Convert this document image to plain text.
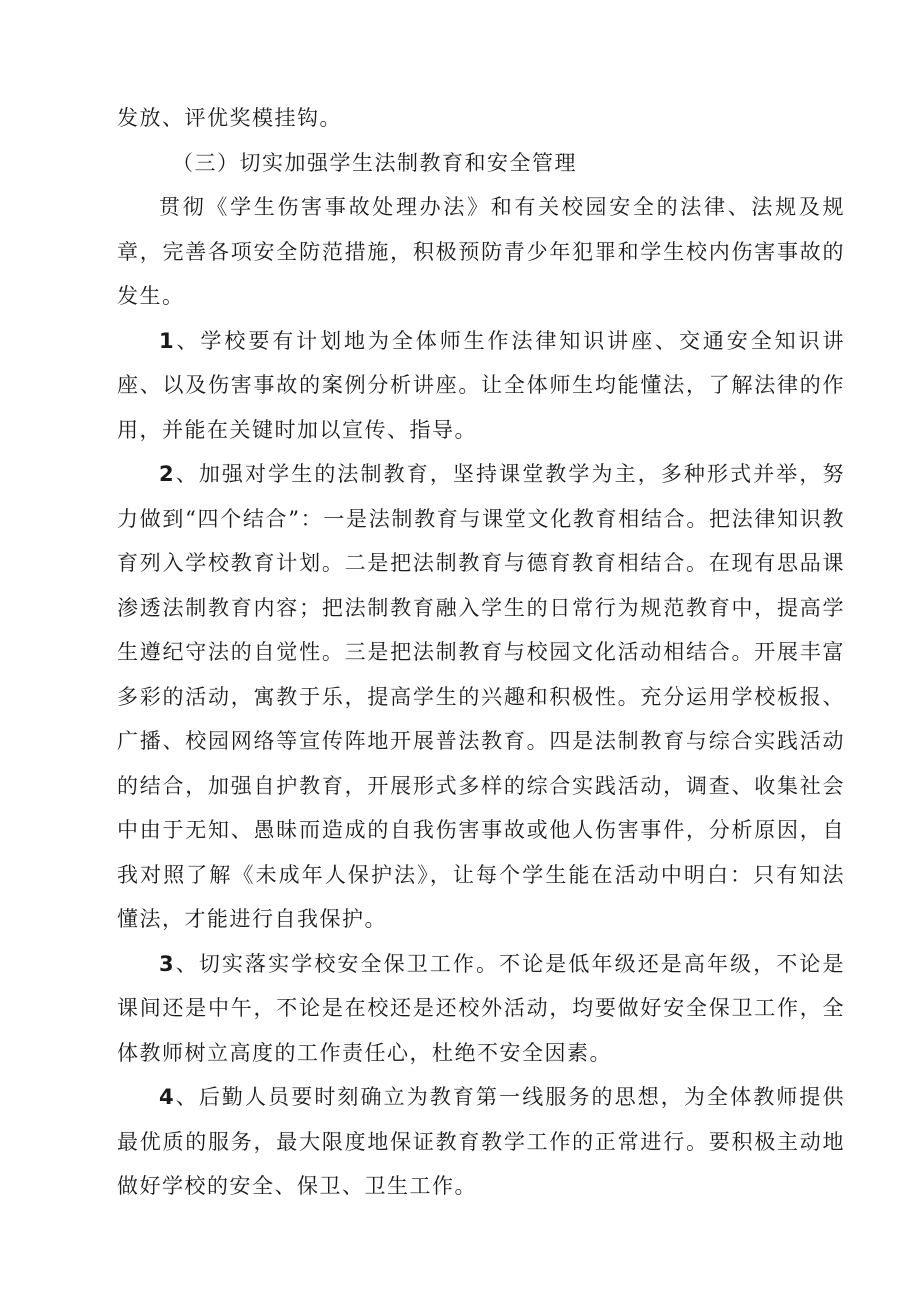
发放、评优奖模挂钩。

（三）切实加强学生法制教育和安全管理

贯彻《学生伤害事故处理办法》和有关校园安全的法律、法规及规章，完善各项安全防范措施，积极预防青少年犯罪和学生校内伤害事故的发生。

1、学校要有计划地为全体师生作法律知识讲座、交通安全知识讲座、以及伤害事故的案例分析讲座。让全体师生均能懂法，了解法律的作用，并能在关键时加以宣传、指导。

2、加强对学生的法制教育，坚持课堂教学为主，多种形式并举，努力做到“四个结合”：一是法制教育与课堂文化教育相结合。把法律知识教育列入学校教育计划。二是把法制教育与德育教育相结合。在现有思品课渗透法制教育内容；把法制教育融入学生的日常行为规范教育中，提高学生遵纪守法的自觉性。三是把法制教育与校园文化活动相结合。开展丰富多彩的活动，寓教于乐，提高学生的兴趣和积极性。充分运用学校板报、广播、校园网络等宣传阵地开展普法教育。四是法制教育与综合实践活动的结合，加强自护教育，开展形式多样的综合实践活动，调查、收集社会中由于无知、愚昧而造成的自我伤害事故或他人伤害事件，分析原因，自我对照了解《未成年人保护法》，让每个学生能在活动中明白：只有知法懂法，才能进行自我保护。

3、切实落实学校安全保卫工作。不论是低年级还是高年级，不论是课间还是中午，不论是在校还是还校外活动，均要做好安全保卫工作，全体教师树立高度的工作责任心，杜绝不安全因素。

4、后勤人员要时刻确立为教育第一线服务的思想，为全体教师提供最优质的服务，最大限度地保证教育教学工作的正常进行。要积极主动地做好学校的安全、保卫、卫生工作。
